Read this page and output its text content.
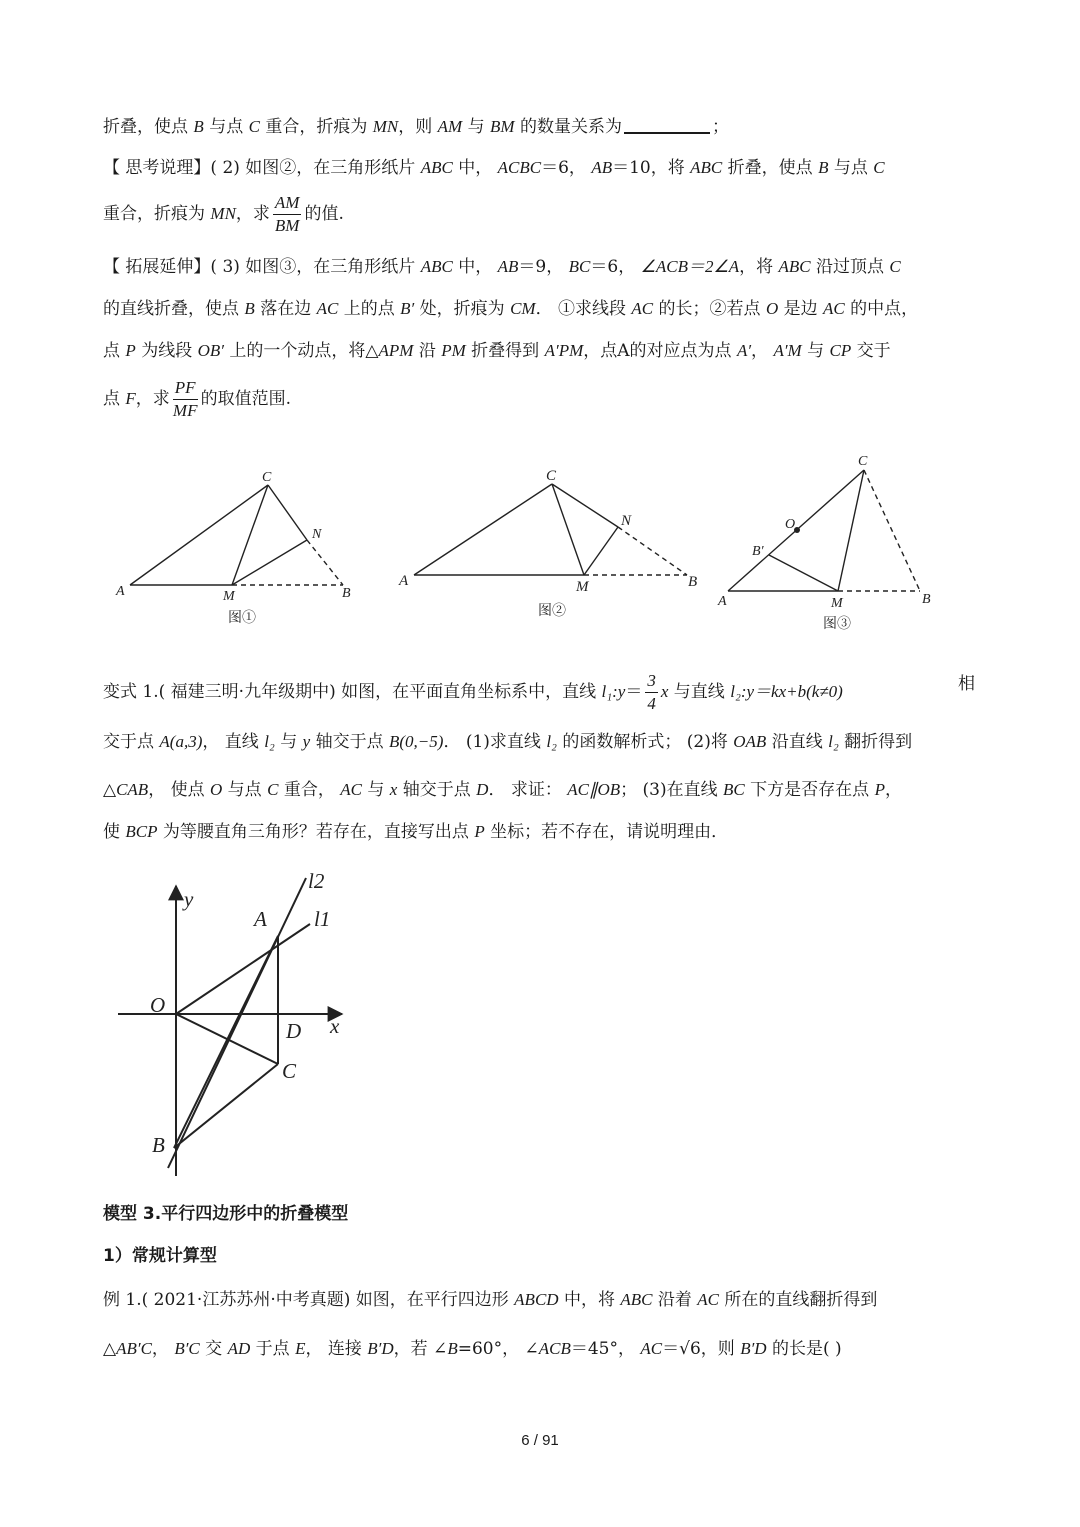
折叠，使点 B 与点 C 重合，折痕为 MN，则 AM 与 BM 的数量关系为	；
【 思考说理】( 2) 如图②，在三角形纸片 ABC 中， ACBC＝6， AB＝10，将 ABC 折叠，使点 B 与点 C
重合，折痕为 MN，求 $\frac{AM}{BM}$ 的值.
【 拓展延伸】( 3) 如图③，在三角形纸片 ABC 中， AB＝9， BC＝6， ∠ACB＝2∠A，将 ABC 沿过顶点 C
的直线折叠，使点 B 落在边 AC 上的点 B′ 处，折痕为 CM． ①求线段 AC 的长；②若点 O 是边 AC 的中点，
点 P 为线段 OB′ 上的一个动点，将△APM 沿 PM 折叠得到 A′PM，点A的对应点为点 A′， A′M 与 CP 交于
点 F，求 $\frac{PF}{MF}$ 的取值范围.
C
N
A	M	B
图①
C
N
A	M	B
图②
C
O
B′
A	M	B
图③
变式 1.( 福建三明·九年级期中) 如图，在平面直角坐标系中，直线 l₁:y＝ $\frac{3}{4}$ x 与直线 l₂:y＝kx+b(k≠0)	相
交于点 A(a,3)， 直线 l₂ 与 y 轴交于点 B(0,−5)． (1)求直线 l₂ 的函数解析式； (2)将 OAB 沿直线 l₂ 翻折得到
△CAB， 使点 O 与点 C 重合， AC 与 x 轴交于点 D． 求证： AC∥OB； (3)在直线 BC 下方是否存在点 P，
使 BCP 为等腰直角三角形？若存在，直接写出点 P 坐标；若不存在，请说明理由．
y
x
O
A
D
C
B
l1
l2
模型 3.平行四边形中的折叠模型
1）常规计算型
例 1.( 2021·江苏苏州·中考真题) 如图，在平行四边形 ABCD 中，将 ABC 沿着 AC 所在的直线翻折得到
△AB′C， B′C 交 AD 于点 E， 连接 B′D，若 ∠B=60°， ∠ACB＝45°， AC＝√6，则 B′D 的长是( )
6 / 91
